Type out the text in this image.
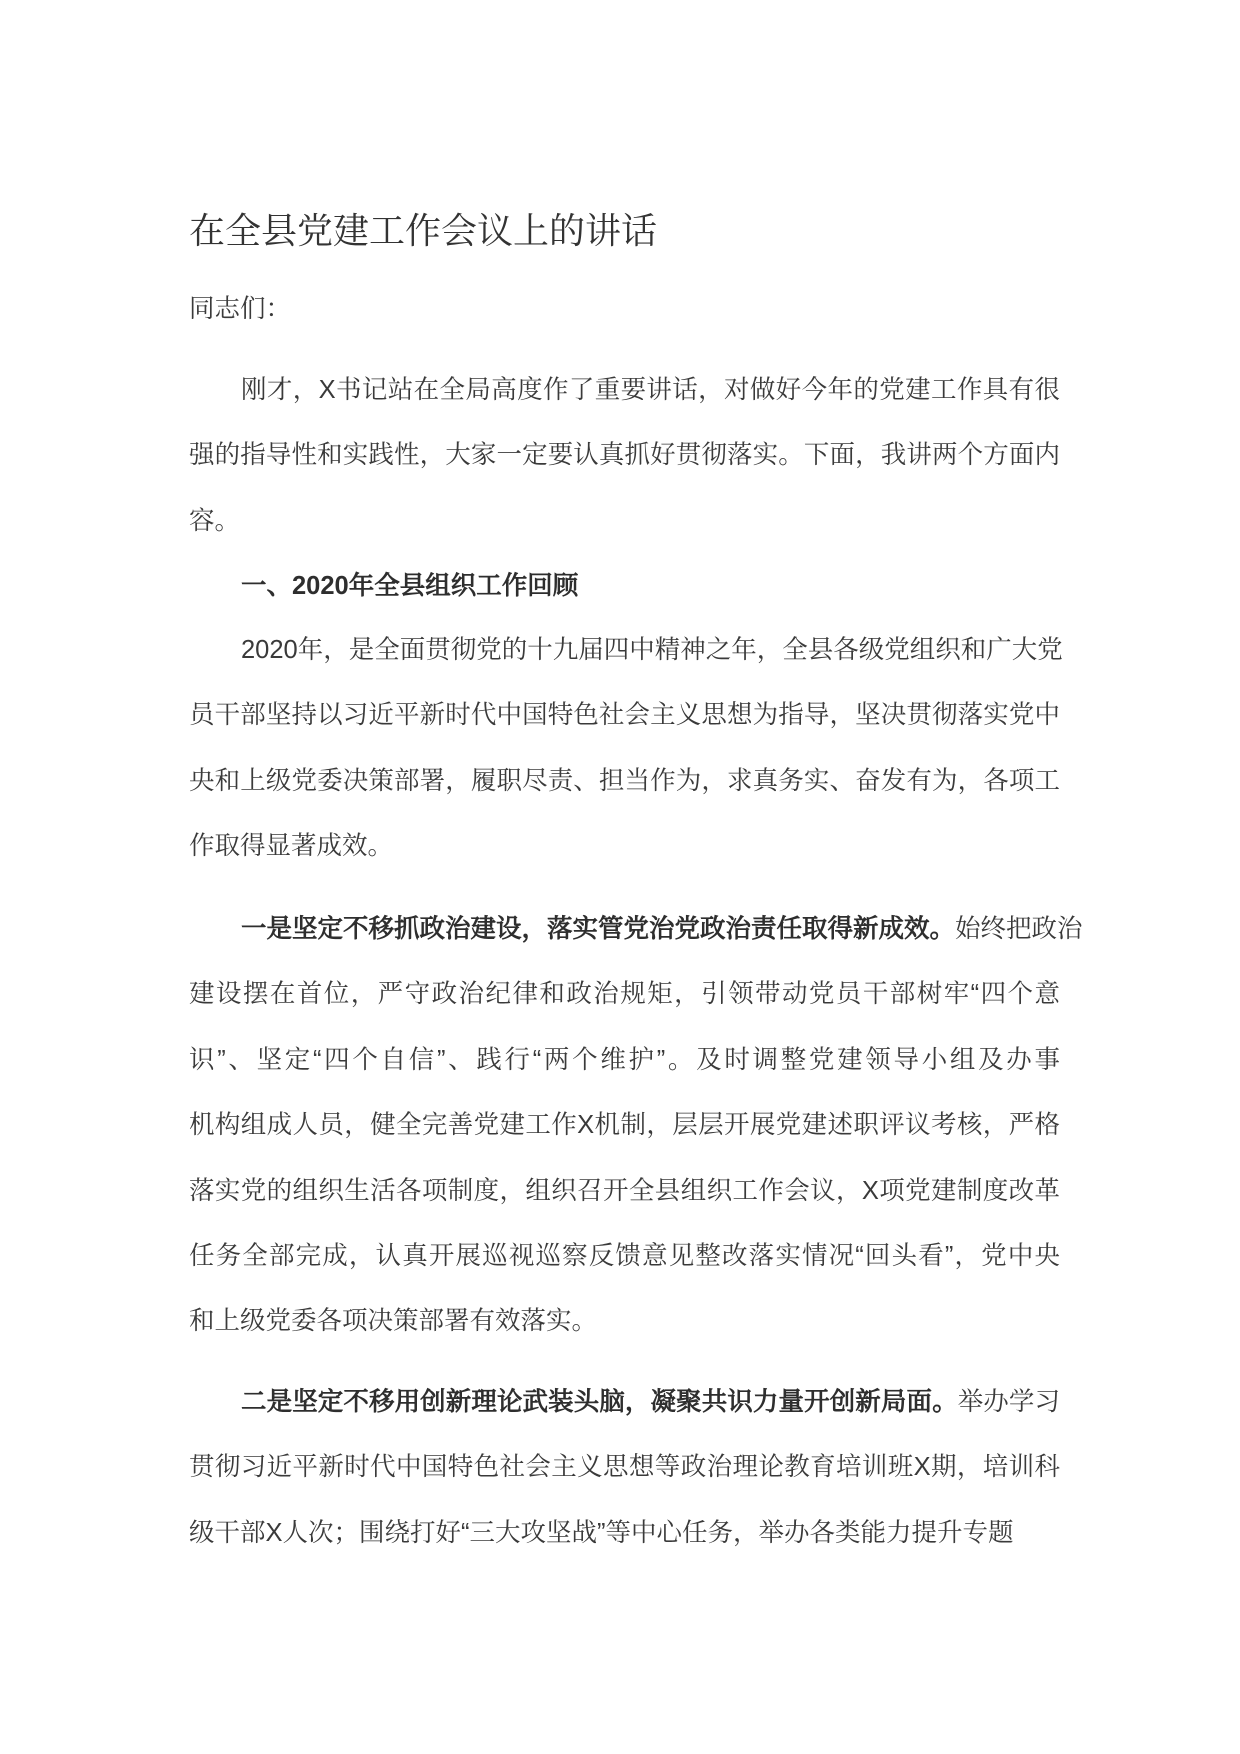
在全县党建工作会议上的讲话
同志们：
刚才，X书记站在全局高度作了重要讲话，对做好今年的党建工作具有很
强的指导性和实践性，大家一定要认真抓好贯彻落实。下面，我讲两个方面内
容。
一、2020年全县组织工作回顾
2020年，是全面贯彻党的十九届四中精神之年，全县各级党组织和广大党
员干部坚持以习近平新时代中国特色社会主义思想为指导，坚决贯彻落实党中
央和上级党委决策部署，履职尽责、担当作为，求真务实、奋发有为，各项工
作取得显著成效。
一是坚定不移抓政治建设，落实管党治党政治责任取得新成效。始终把政治
建设摆在首位，严守政治纪律和政治规矩，引领带动党员干部树牢“四个意
识”、坚定“四个自信”、践行“两个维护”。及时调整党建领导小组及办事
机构组成人员，健全完善党建工作X机制，层层开展党建述职评议考核，严格
落实党的组织生活各项制度，组织召开全县组织工作会议，X项党建制度改革
任务全部完成，认真开展巡视巡察反馈意见整改落实情况“回头看”，党中央
和上级党委各项决策部署有效落实。
二是坚定不移用创新理论武装头脑，凝聚共识力量开创新局面。举办学习
贯彻习近平新时代中国特色社会主义思想等政治理论教育培训班X期，培训科
级干部X人次；围绕打好“三大攻坚战”等中心任务，举办各类能力提升专题
